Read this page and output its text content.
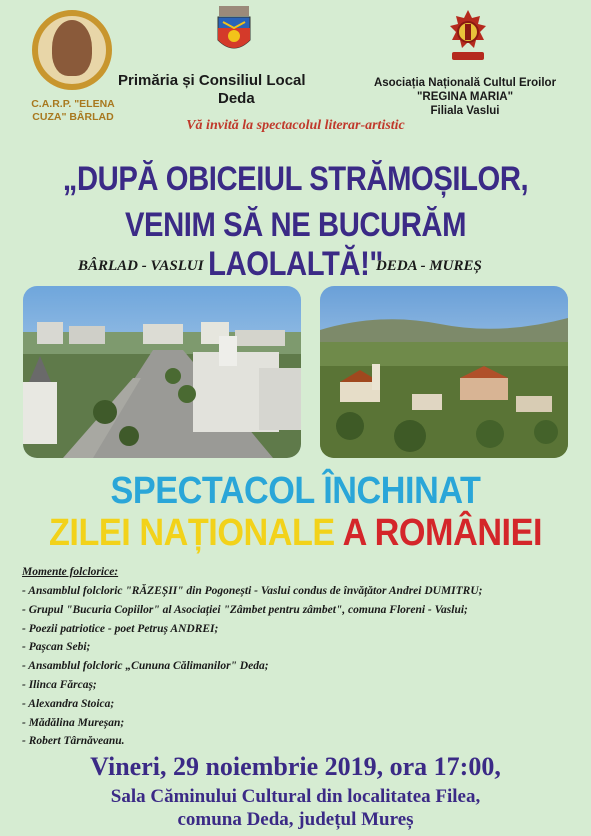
C.A.R.P. "ELENA CUZA" BÂRLAD
Primăria și Consiliul Local
Deda
Asociația Națională Cultul Eroilor
"REGINA MARIA"
Filiala Vaslui
Vă invită la spectacolul literar-artistic
„DUPĂ OBICEIUL STRĂMOȘILOR,
VENIM SĂ NE BUCURĂM LAOLALTĂ!"
BÂRLAD - VASLUI	DEDA - MUREȘ
SPECTACOL ÎNCHINAT
ZILEI NAȚIONALE A ROMÂNIEI
Momente folclorice:
- Ansamblul folcloric "RĂZEȘII" din Pogonești - Vaslui condus de învățător Andrei DUMITRU;
- Grupul "Bucuria Copiilor" al Asociației "Zâmbet pentru zâmbet", comuna Floreni - Vaslui;
- Poezii patriotice - poet Petruș ANDREI;
- Pașcan Sebi;
- Ansamblul folcloric „Cununa Călimanilor" Deda;
- Ilinca Fărcaș;
- Alexandra Stoica;
- Mădălina Mureșan;
- Robert Târnăveanu.
Vineri, 29 noiembrie 2019, ora 17:00,
Sala Căminului Cultural din localitatea Filea,
comuna Deda, județul Mureș
